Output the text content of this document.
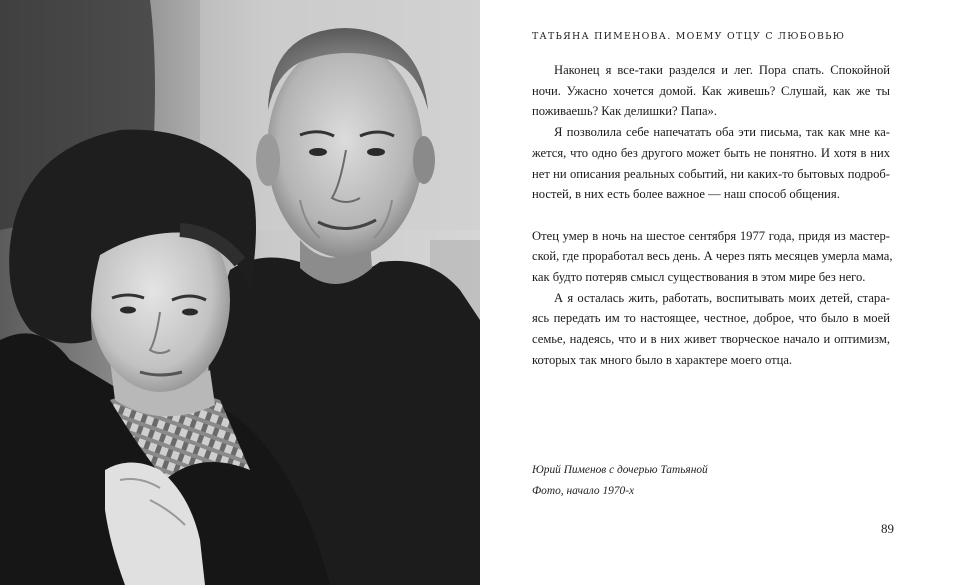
ТАТЬЯНА ПИМЕНОВА. МОЕМУ ОТЦУ С ЛЮБОВЬЮ
Наконец я все-таки разделся и лег. Пора спать. Спокойной
ночи. Ужасно хочется домой. Как живешь? Слушай, как же ты
поживаешь? Как делишки? Папа».
Я позволила себе напечатать оба эти письма, так как мне ка-
жется, что одно без другого может быть не понятно. И хотя в них
нет ни описания реальных событий, ни каких-то бытовых подроб-
ностей, в них есть более важное — наш способ общения.
Отец умер в ночь на шестое сентября 1977 года, придя из мастер-
ской, где проработал весь день. А через пять месяцев умерла мама,
как будто потеряв смысл существования в этом мире без него.
А я осталась жить, работать, воспитывать моих детей, стара-
ясь передать им то настоящее, честное, доброе, что было в моей
семье, надеясь, что и в них живет творческое начало и оптимизм,
которых так много было в характере моего отца.
Юрий Пименов с дочерью Татьяной
Фото, начало 1970-х
89
